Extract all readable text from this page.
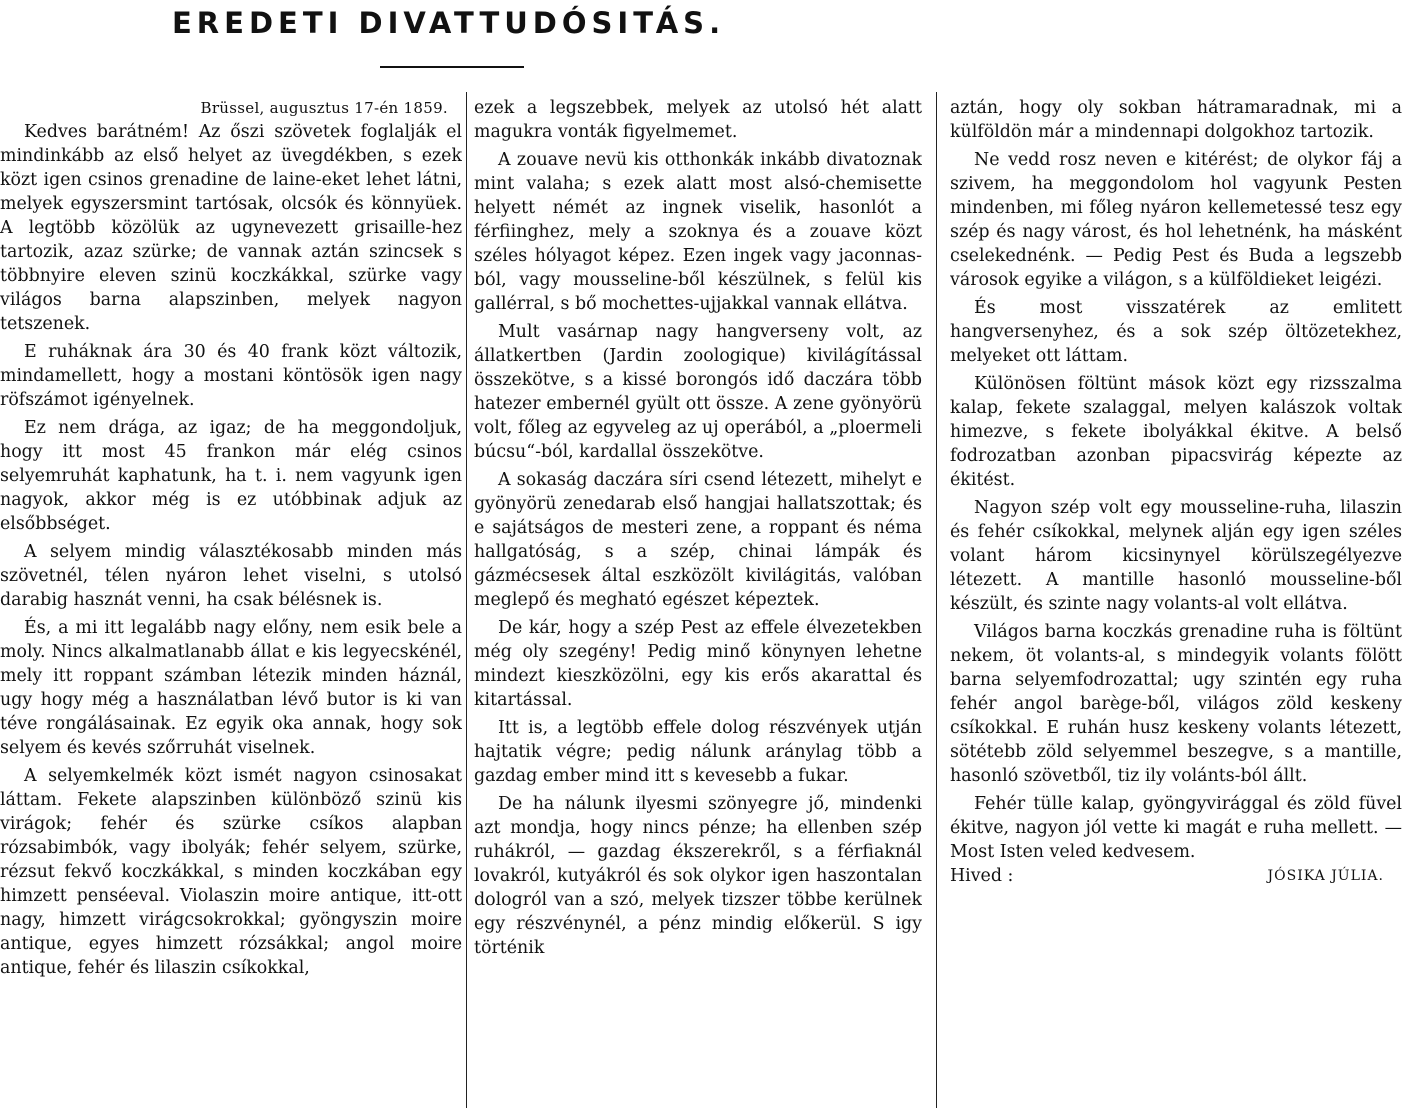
EREDETI DIVATTUDÓSITÁS.

Brüssel, augusztus 17-én 1859.

Kedves barátném! Az őszi szövetek foglalják el mindinkább az első helyet az üvegdékben, s ezek közt igen csinos grenadine de laine-eket lehet látni, melyek egyszersmint tartósak, olcsók és könnyüek. A legtöbb közölük az ugynevezett grisaille-hez tartozik, azaz szürke; de vannak aztán szincsek s többnyire eleven szinü koczkákkal, szürke vagy világos barna alapszinben, melyek nagyon tetszenek.

E ruháknak ára 30 és 40 frank közt változik, mindamellett, hogy a mostani köntösök igen nagy röfszámot igényelnek.

Ez nem drága, az igaz; de ha meggondoljuk, hogy itt most 45 frankon már elég csinos selyemruhát kaphatunk, ha t. i. nem vagyunk igen nagyok, akkor még is ez utóbbinak adjuk az elsőbbséget.

A selyem mindig választékosabb minden más szövetnél, télen nyáron lehet viselni, s utolsó darabig hasznát venni, ha csak bélésnek is.

És, a mi itt legalább nagy előny, nem esik bele a moly. Nincs alkalmatlanabb állat e kis legyecskénél, mely itt roppant számban létezik minden háznál, ugy hogy még a használatban lévő butor is ki van téve rongálásainak. Ez egyik oka annak, hogy sok selyem és kevés szőrruhát viselnek.

A selyemkelmék közt ismét nagyon csinosakat láttam. Fekete alapszinben különböző szinü kis virágok; fehér és szürke csíkos alapban rózsabimbók, vagy ibolyák; fehér selyem, szürke, rézsut fekvő koczkákkal, s minden koczkában egy himzett penséeval. Violaszin moire antique, itt-ott nagy, himzett virágcsokrokkal; gyöngyszin moire antique, egyes himzett rózsákkal; angol moire antique, fehér és lilaszin csíkokkal,

ezek a legszebbek, melyek az utolsó hét alatt magukra vonták figyelmemet.

A zouave nevü kis otthonkák inkább divatoznak mint valaha; s ezek alatt most alsó-chemisette helyett némét az ingnek viselik, hasonlót a férfiinghez, mely a szoknya és a zouave közt széles hólyagot képez. Ezen ingek vagy jaconnas-ból, vagy mousseline-ből készülnek, s felül kis gallérral, s bő mochettes-ujjakkal vannak ellátva.

Mult vasárnap nagy hangverseny volt, az állatkertben (Jardin zoologique) kivilágítással összekötve, s a kissé borongós idő daczára több hatezer embernél gyült ott össze. A zene gyönyörü volt, főleg az egyveleg az uj operából, a „ploermeli búcsu“-ból, kardallal összekötve.

A sokaság daczára síri csend létezett, mihelyt e gyönyörü zenedarab első hangjai hallatszottak; és e sajátságos de mesteri zene, a roppant és néma hallgatóság, s a szép, chinai lámpák és gázmécsesek által eszközölt kivilágitás, valóban meglepő és megható egészet képeztek.

De kár, hogy a szép Pest az effele élvezetekben még oly szegény! Pedig minő könynyen lehetne mindezt kieszközölni, egy kis erős akarattal és kitartással.

Itt is, a legtöbb effele dolog részvények utján hajtatik végre; pedig nálunk aránylag több a gazdag ember mind itt s kevesebb a fukar.

De ha nálunk ilyesmi szönyegre jő, mindenki azt mondja, hogy nincs pénze; ha ellenben szép ruhákról, — gazdag ékszerekről, s a férfiaknál lovakról, kutyákról és sok olykor igen haszontalan dologról van a szó, melyek tizszer többe kerülnek egy részvénynél, a pénz mindig előkerül. S igy történik

aztán, hogy oly sokban hátramaradnak, mi a külföldön már a mindennapi dolgokhoz tartozik.

Ne vedd rosz neven e kitérést; de olykor fáj a szivem, ha meggondolom hol vagyunk Pesten mindenben, mi főleg nyáron kellemetessé tesz egy szép és nagy várost, és hol lehetnénk, ha másként cselekednénk. — Pedig Pest és Buda a legszebb városok egyike a világon, s a külföldieket leigézi.

És most visszatérek az emlitett hangversenyhez, és a sok szép öltözetekhez, melyeket ott láttam.

Különösen föltünt mások közt egy rizsszalma kalap, fekete szalaggal, melyen kalászok voltak himezve, s fekete ibolyákkal ékitve. A belső fodrozatban azonban pipacsvirág képezte az ékitést.

Nagyon szép volt egy mousseline-ruha, lilaszin és fehér csíkokkal, melynek alján egy igen széles volant három kicsinynyel körülszegélyezve létezett. A mantille hasonló mousseline-ből készült, és szinte nagy volants-al volt ellátva.

Világos barna koczkás grenadine ruha is föltünt nekem, öt volants-al, s mindegyik volants fölött barna selyemfodrozattal; ugy szintén egy ruha fehér angol barège-ből, világos zöld keskeny csíkokkal. E ruhán husz keskeny volants létezett, sötétebb zöld selyemmel beszegve, s a mantille, hasonló szövetből, tiz ily volánts-ból állt.

Fehér tülle kalap, gyöngyvirággal és zöld füvel ékitve, nagyon jól vette ki magát e ruha mellett. — Most Isten veled kedvesem.

Hived :	JÓSIKA JÚLIA.
